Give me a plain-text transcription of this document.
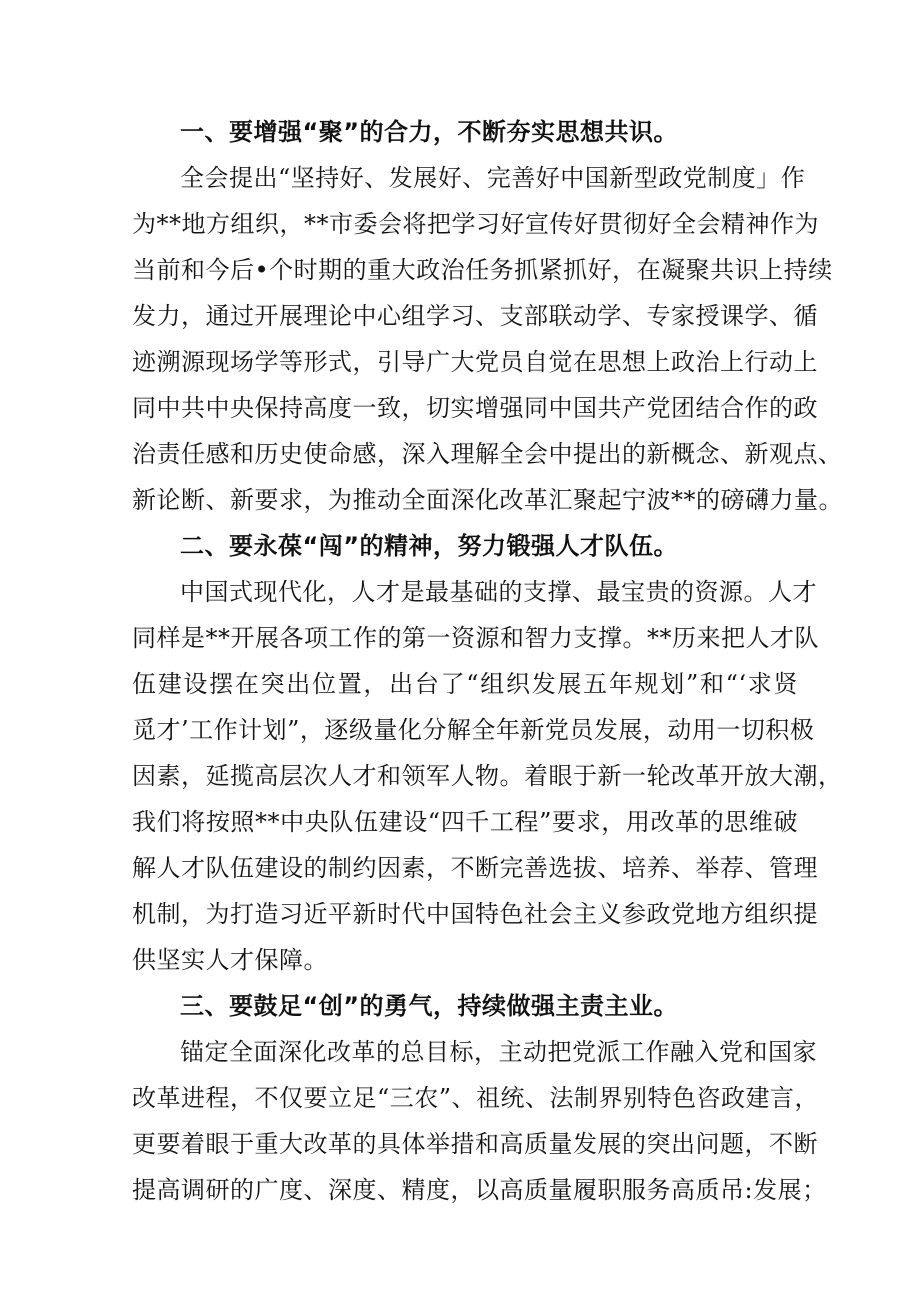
一、要增强“聚”的合力，不断夯实思想共识。
全会提出“坚持好、发展好、完善好中国新型政党制度」作
为**地方组织，**市委会将把学习好宣传好贯彻好全会精神作为
当前和今后•个时期的重大政治任务抓紧抓好，在凝聚共识上持续
发力，通过开展理论中心组学习、支部联动学、专家授课学、循
迹溯源现场学等形式，引导广大党员自觉在思想上政治上行动上
同中共中央保持高度一致，切实增强同中国共产党团结合作的政
治责任感和历史使命感，深入理解全会中提出的新概念、新观点、
新论断、新要求，为推动全面深化改革汇聚起宁波**的磅礴力量。
二、要永葆“闯”的精神，努力锻强人才队伍。
中国式现代化，人才是最基础的支撑、最宝贵的资源。人才
同样是**开展各项工作的第一资源和智力支撑。**历来把人才队
伍建设摆在突出位置，出台了“组织发展五年规划”和“‘求贤
觅才’工作计划”，逐级量化分解全年新党员发展，动用一切积极
因素，延揽高层次人才和领军人物。着眼于新一轮改革开放大潮，
我们将按照**中央队伍建设“四千工程”要求，用改革的思维破
解人才队伍建设的制约因素，不断完善选拔、培养、举荐、管理
机制，为打造习近平新时代中国特色社会主义参政党地方组织提
供坚实人才保障。
三、要鼓足“创”的勇气，持续做强主责主业。
锚定全面深化改革的总目标，主动把党派工作融入党和国家
改革进程，不仅要立足“三农”、祖统、法制界别特色咨政建言，
更要着眼于重大改革的具体举措和高质量发展的突出问题，不断
提高调研的广度、深度、精度，以高质量履职服务高质吊:发展；
